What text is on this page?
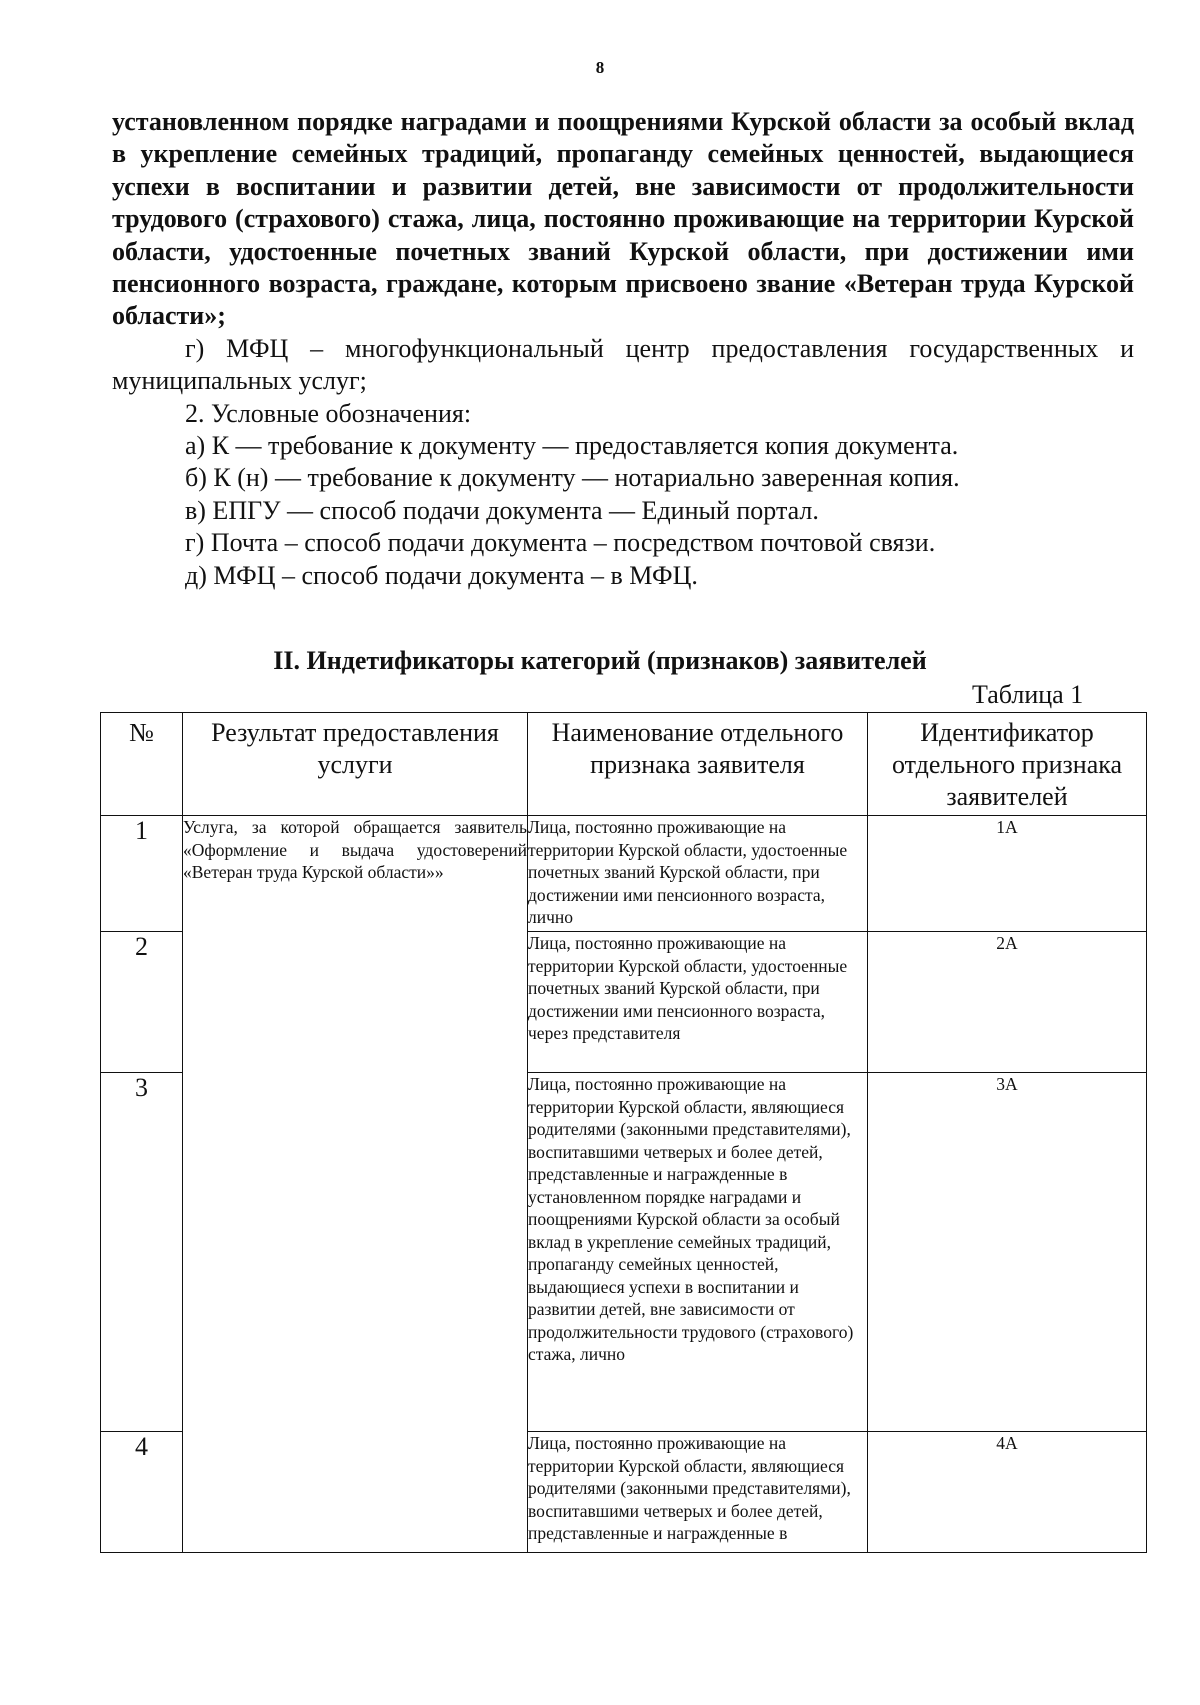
8

установленном порядке наградами и поощрениями Курской области за особый вклад в укрепление семейных традиций, пропаганду семейных ценностей, выдающиеся успехи в воспитании и развитии детей, вне зависимости от продолжительности трудового (страхового) стажа, лица, постоянно проживающие на территории Курской области, удостоенные почетных званий Курской области, при достижении ими пенсионного возраста, граждане, которым присвоено звание «Ветеран труда Курской области»;

г) МФЦ – многофункциональный центр предоставления государственных и муниципальных услуг;

2. Условные обозначения:

а) К — требование к документу — предоставляется копия документа.

б) К (н) — требование к документу — нотариально заверенная копия.

в) ЕПГУ — способ подачи документа — Единый портал.

г) Почта – способ подачи документа – посредством почтовой связи.

д) МФЦ – способ подачи документа – в МФЦ.

II. Индетификаторы категорий (признаков) заявителей
Таблица 1
№	Результат предоставления услуги	Наименование отдельного признака заявителя	Идентификатор отдельного признака заявителей
1	Услуга, за которой обращается заявитель «Оформление и выдача удостоверений «Ветеран труда Курской области»»	Лица, постоянно проживающие на территории Курской области, удостоенные почетных званий Курской области, при достижении ими пенсионного возраста, лично	1А
2		Лица, постоянно проживающие на территории Курской области, удостоенные почетных званий Курской области, при достижении ими пенсионного возраста, через представителя	2А
3		Лица, постоянно проживающие на территории Курской области, являющиеся родителями (законными представителями), воспитавшими четверых и более детей, представленные и награжденные в установленном порядке наградами и поощрениями Курской области за особый вклад в укрепление семейных традиций, пропаганду семейных ценностей, выдающиеся успехи в воспитании и развитии детей, вне зависимости от продолжительности трудового (страхового) стажа, лично	3А
4		Лица, постоянно проживающие на территории Курской области, являющиеся родителями (законными представителями), воспитавшими четверых и более детей, представленные и награжденные в	4А
